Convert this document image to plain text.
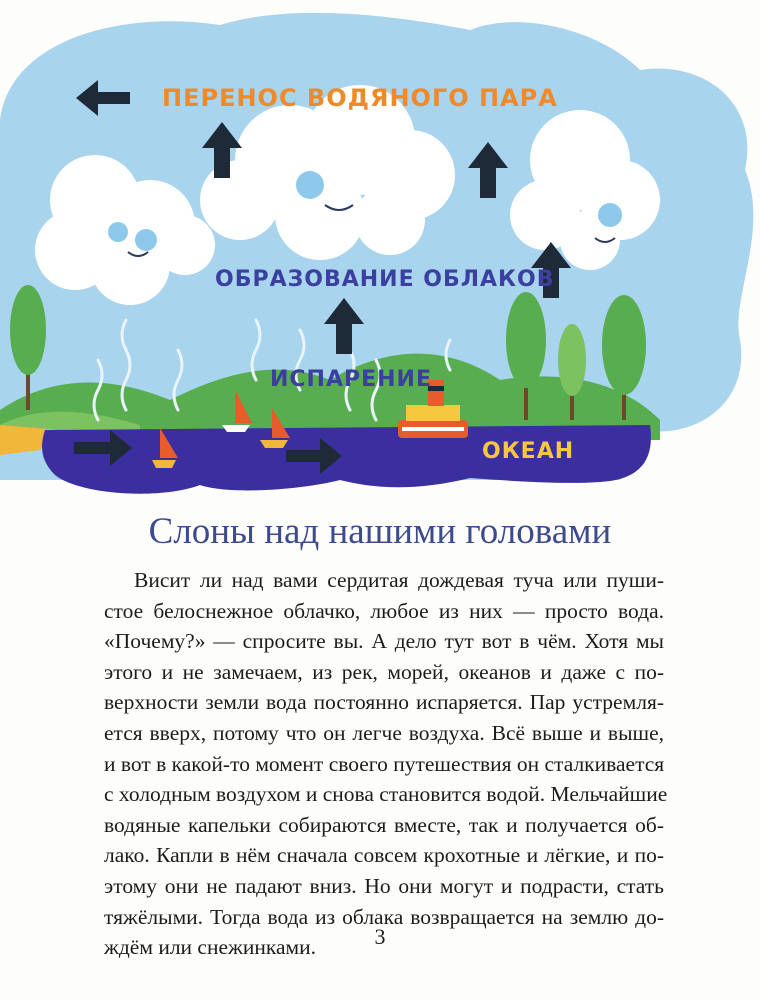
ПЕРЕНОС ВОДЯНОГО ПАРА
ОБРАЗОВАНИЕ ОБЛАКОВ
ИСПАРЕНИЕ
ОКЕАН
Слоны над нашими головами
Висит ли над вами сердитая дождевая туча или пуши-
стое белоснежное облачко, любое из них — просто вода.
«Почему?» — спросите вы. А дело тут вот в чём. Хотя мы
этого и не замечаем, из рек, морей, океанов и даже с по-
верхности земли вода постоянно испаряется. Пар устремля-
ется вверх, потому что он легче воздуха. Всё выше и выше,
и вот в какой-то момент своего путешествия он сталкивается
с холодным воздухом и снова становится водой. Мельчайшие
водяные капельки собираются вместе, так и получается об-
лако. Капли в нём сначала совсем крохотные и лёгкие, и по-
этому они не падают вниз. Но они могут и подрасти, стать
тяжёлыми. Тогда вода из облака возвращается на землю до-
ждём или снежинками.	3
